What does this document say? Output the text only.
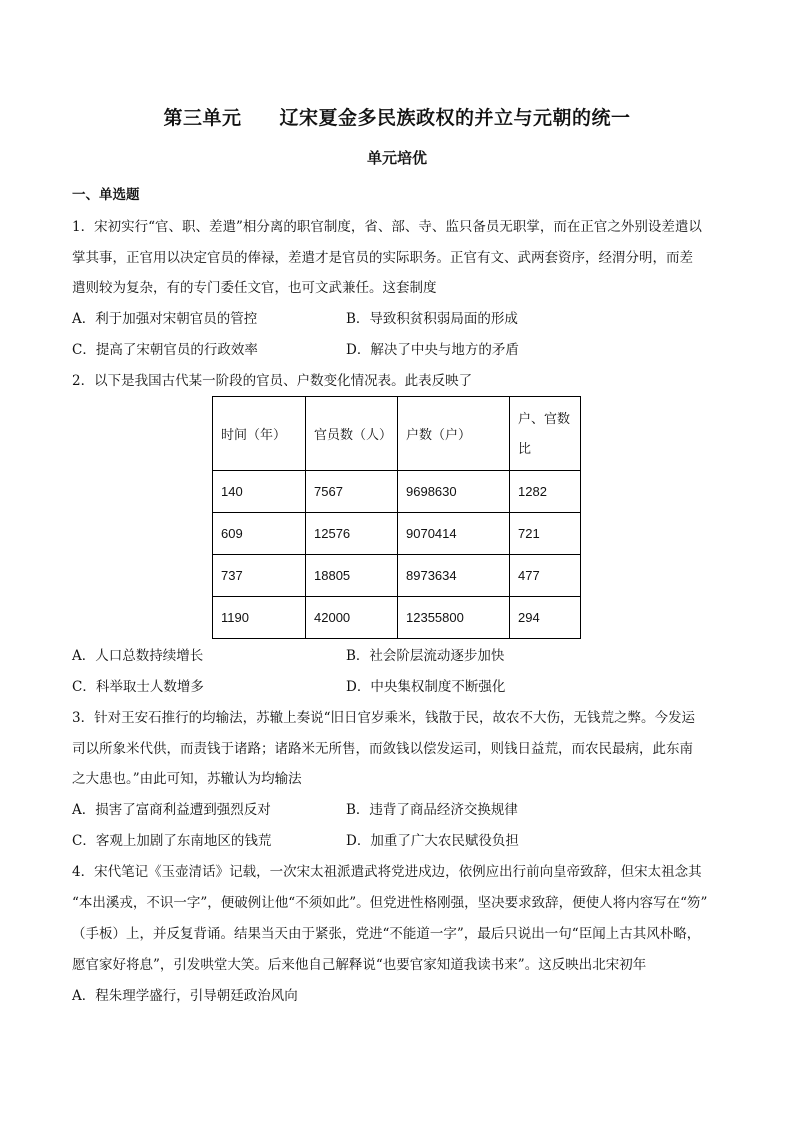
第三单元 辽宋夏金多民族政权的并立与元朝的统一
单元培优
一、单选题
1．宋初实行“官、职、差遣”相分离的职官制度，省、部、寺、监只备员无职掌，而在正官之外别设差遣以
掌其事，正官用以决定官员的俸禄，差遣才是官员的实际职务。正官有文、武两套资序，经渭分明，而差
遣则较为复杂，有的专门委任文官，也可文武兼任。这套制度
A．利于加强对宋朝官员的管控	B．导致积贫积弱局面的形成
C．提高了宋朝官员的行政效率	D．解决了中央与地方的矛盾
2．以下是我国古代某一阶段的官员、户数变化情况表。此表反映了
时间（年）	官员数（人）	户数（户）	户、官数比
140	7567	9698630	1282
609	12576	9070414	721
737	18805	8973634	477
1190	42000	12355800	294
A．人口总数持续增长	B．社会阶层流动逐步加快
C．科举取士人数增多	D．中央集权制度不断强化
3．针对王安石推行的均输法，苏辙上奏说“旧日官岁乘米，钱散于民，故农不大伤，无钱荒之弊。今发运
司以所象米代供，而责钱于诸路；诸路米无所售，而敛钱以偿发运司，则钱日益荒，而农民最病，此东南
之大患也。”由此可知，苏辙认为均输法
A．损害了富商利益遭到强烈反对	B．违背了商品经济交换规律
C．客观上加剧了东南地区的钱荒	D．加重了广大农民赋役负担
4．宋代笔记《玉壶清话》记载，一次宋太祖派遣武将党进戍边，依例应出行前向皇帝致辞，但宋太祖念其
“本出溪戎，不识一字”，便破例让他“不须如此”。但党进性格刚强，坚决要求致辞，便使人将内容写在“笏”
（手板）上，并反复背诵。结果当天由于紧张，党进“不能道一字”，最后只说出一句“臣闻上古其风朴略，
愿官家好将息”，引发哄堂大笑。后来他自己解释说“也要官家知道我读书来”。这反映出北宋初年
A．程朱理学盛行，引导朝廷政治风向
